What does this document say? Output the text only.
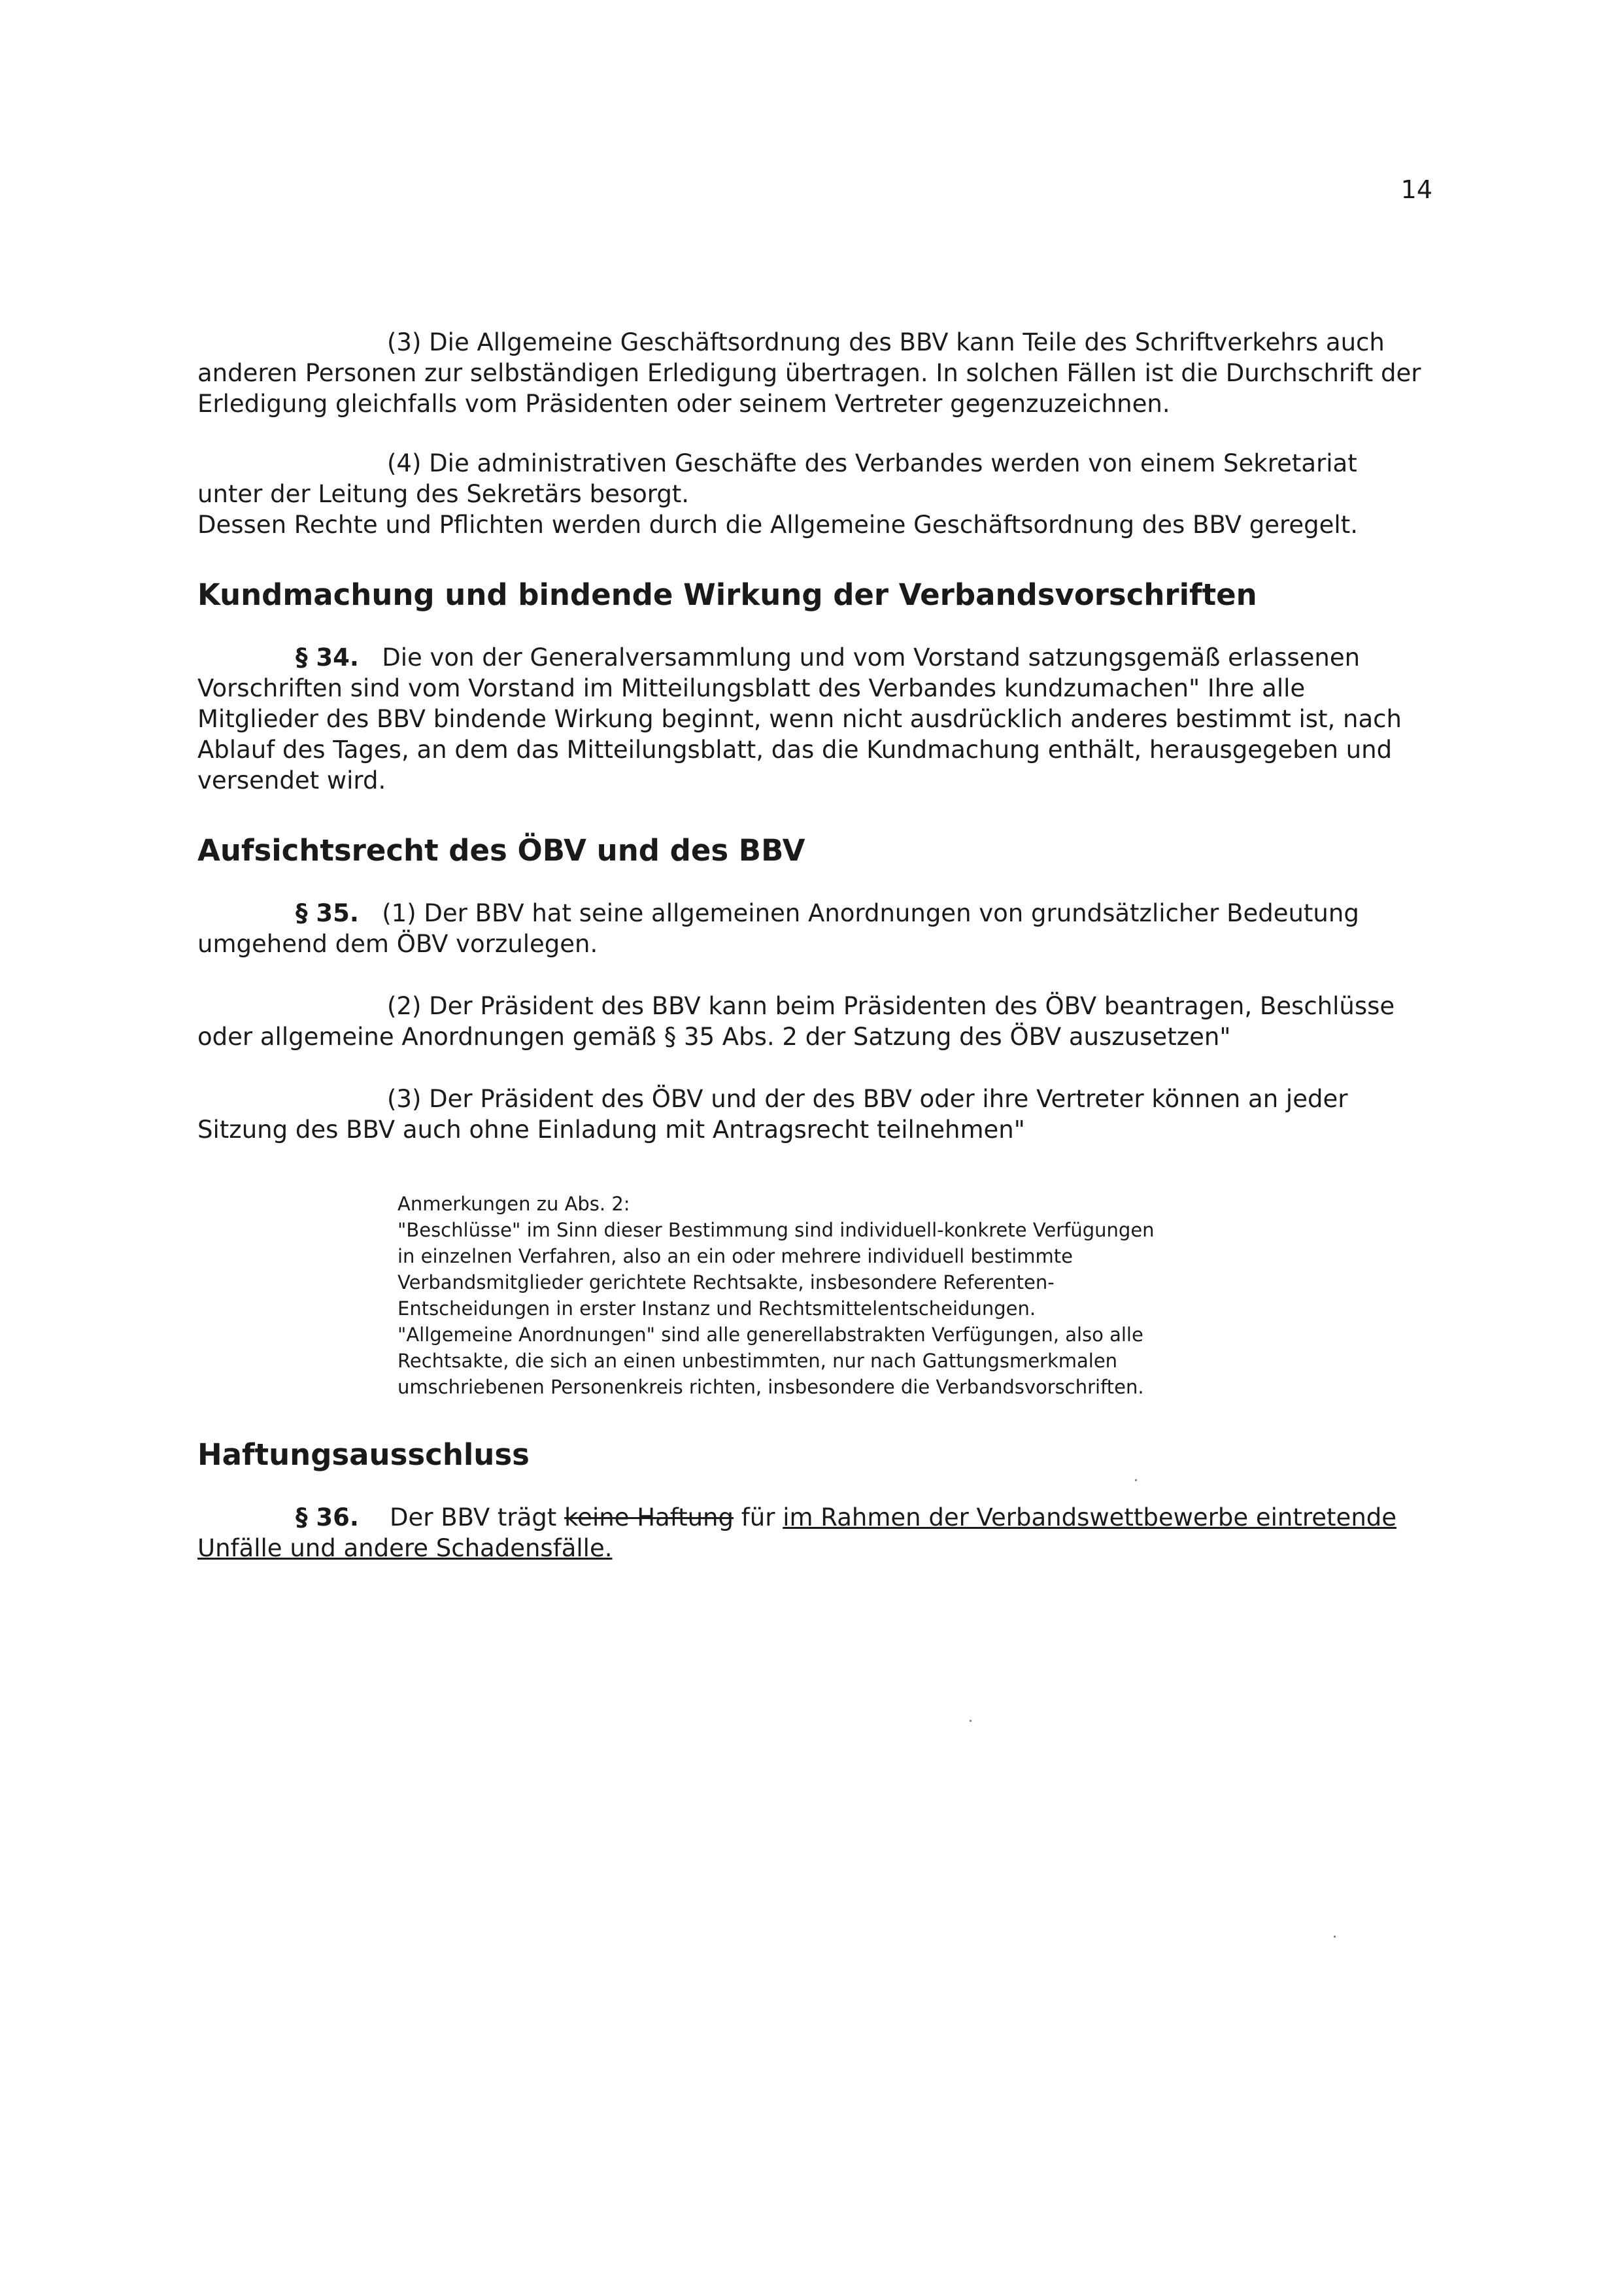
14

(3) Die Allgemeine Geschäftsordnung des BBV kann Teile des Schriftverkehrs auch anderen Personen zur selbständigen Erledigung übertragen. In solchen Fällen ist die Durchschrift der Erledigung gleichfalls vom Präsidenten oder seinem Vertreter gegenzuzeichnen.

(4) Die administrativen Geschäfte des Verbandes werden von einem Sekretariat unter der Leitung des Sekretärs besorgt.

Dessen Rechte und Pflichten werden durch die Allgemeine Geschäftsordnung des BBV geregelt.

Kundmachung und bindende Wirkung der Verbandsvorschriften

§ 34. Die von der Generalversammlung und vom Vorstand satzungsgemäß erlassenen Vorschriften sind vom Vorstand im Mitteilungsblatt des Verbandes kundzumachen" Ihre alle Mitglieder des BBV bindende Wirkung beginnt, wenn nicht ausdrücklich anderes bestimmt ist, nach Ablauf des Tages, an dem das Mitteilungsblatt, das die Kundmachung enthält, herausgegeben und versendet wird.

Aufsichtsrecht des ÖBV und des BBV

§ 35. (1) Der BBV hat seine allgemeinen Anordnungen von grundsätzlicher Bedeutung umgehend dem ÖBV vorzulegen.

(2) Der Präsident des BBV kann beim Präsidenten des ÖBV beantragen, Beschlüsse oder allgemeine Anordnungen gemäß § 35 Abs. 2 der Satzung des ÖBV auszusetzen"

(3) Der Präsident des ÖBV und der des BBV oder ihre Vertreter können an jeder Sitzung des BBV auch ohne Einladung mit Antragsrecht teilnehmen"

Anmerkungen zu Abs. 2:

"Beschlüsse" im Sinn dieser Bestimmung sind individuell-konkrete Verfügungen in einzelnen Verfahren, also an ein oder mehrere individuell bestimmte Verbandsmitglieder gerichtete Rechtsakte, insbesondere Referenten-Entscheidungen in erster Instanz und Rechtsmittelentscheidungen.

"Allgemeine Anordnungen" sind alle generellabstrakten Verfügungen, also alle Rechtsakte, die sich an einen unbestimmten, nur nach Gattungsmerkmalen umschriebenen Personenkreis richten, insbesondere die Verbandsvorschriften.

Haftungsausschluss

§ 36. Der BBV trägt keine Haftung für im Rahmen der Verbandswettbewerbe eintretende Unfälle und andere Schadensfälle.
